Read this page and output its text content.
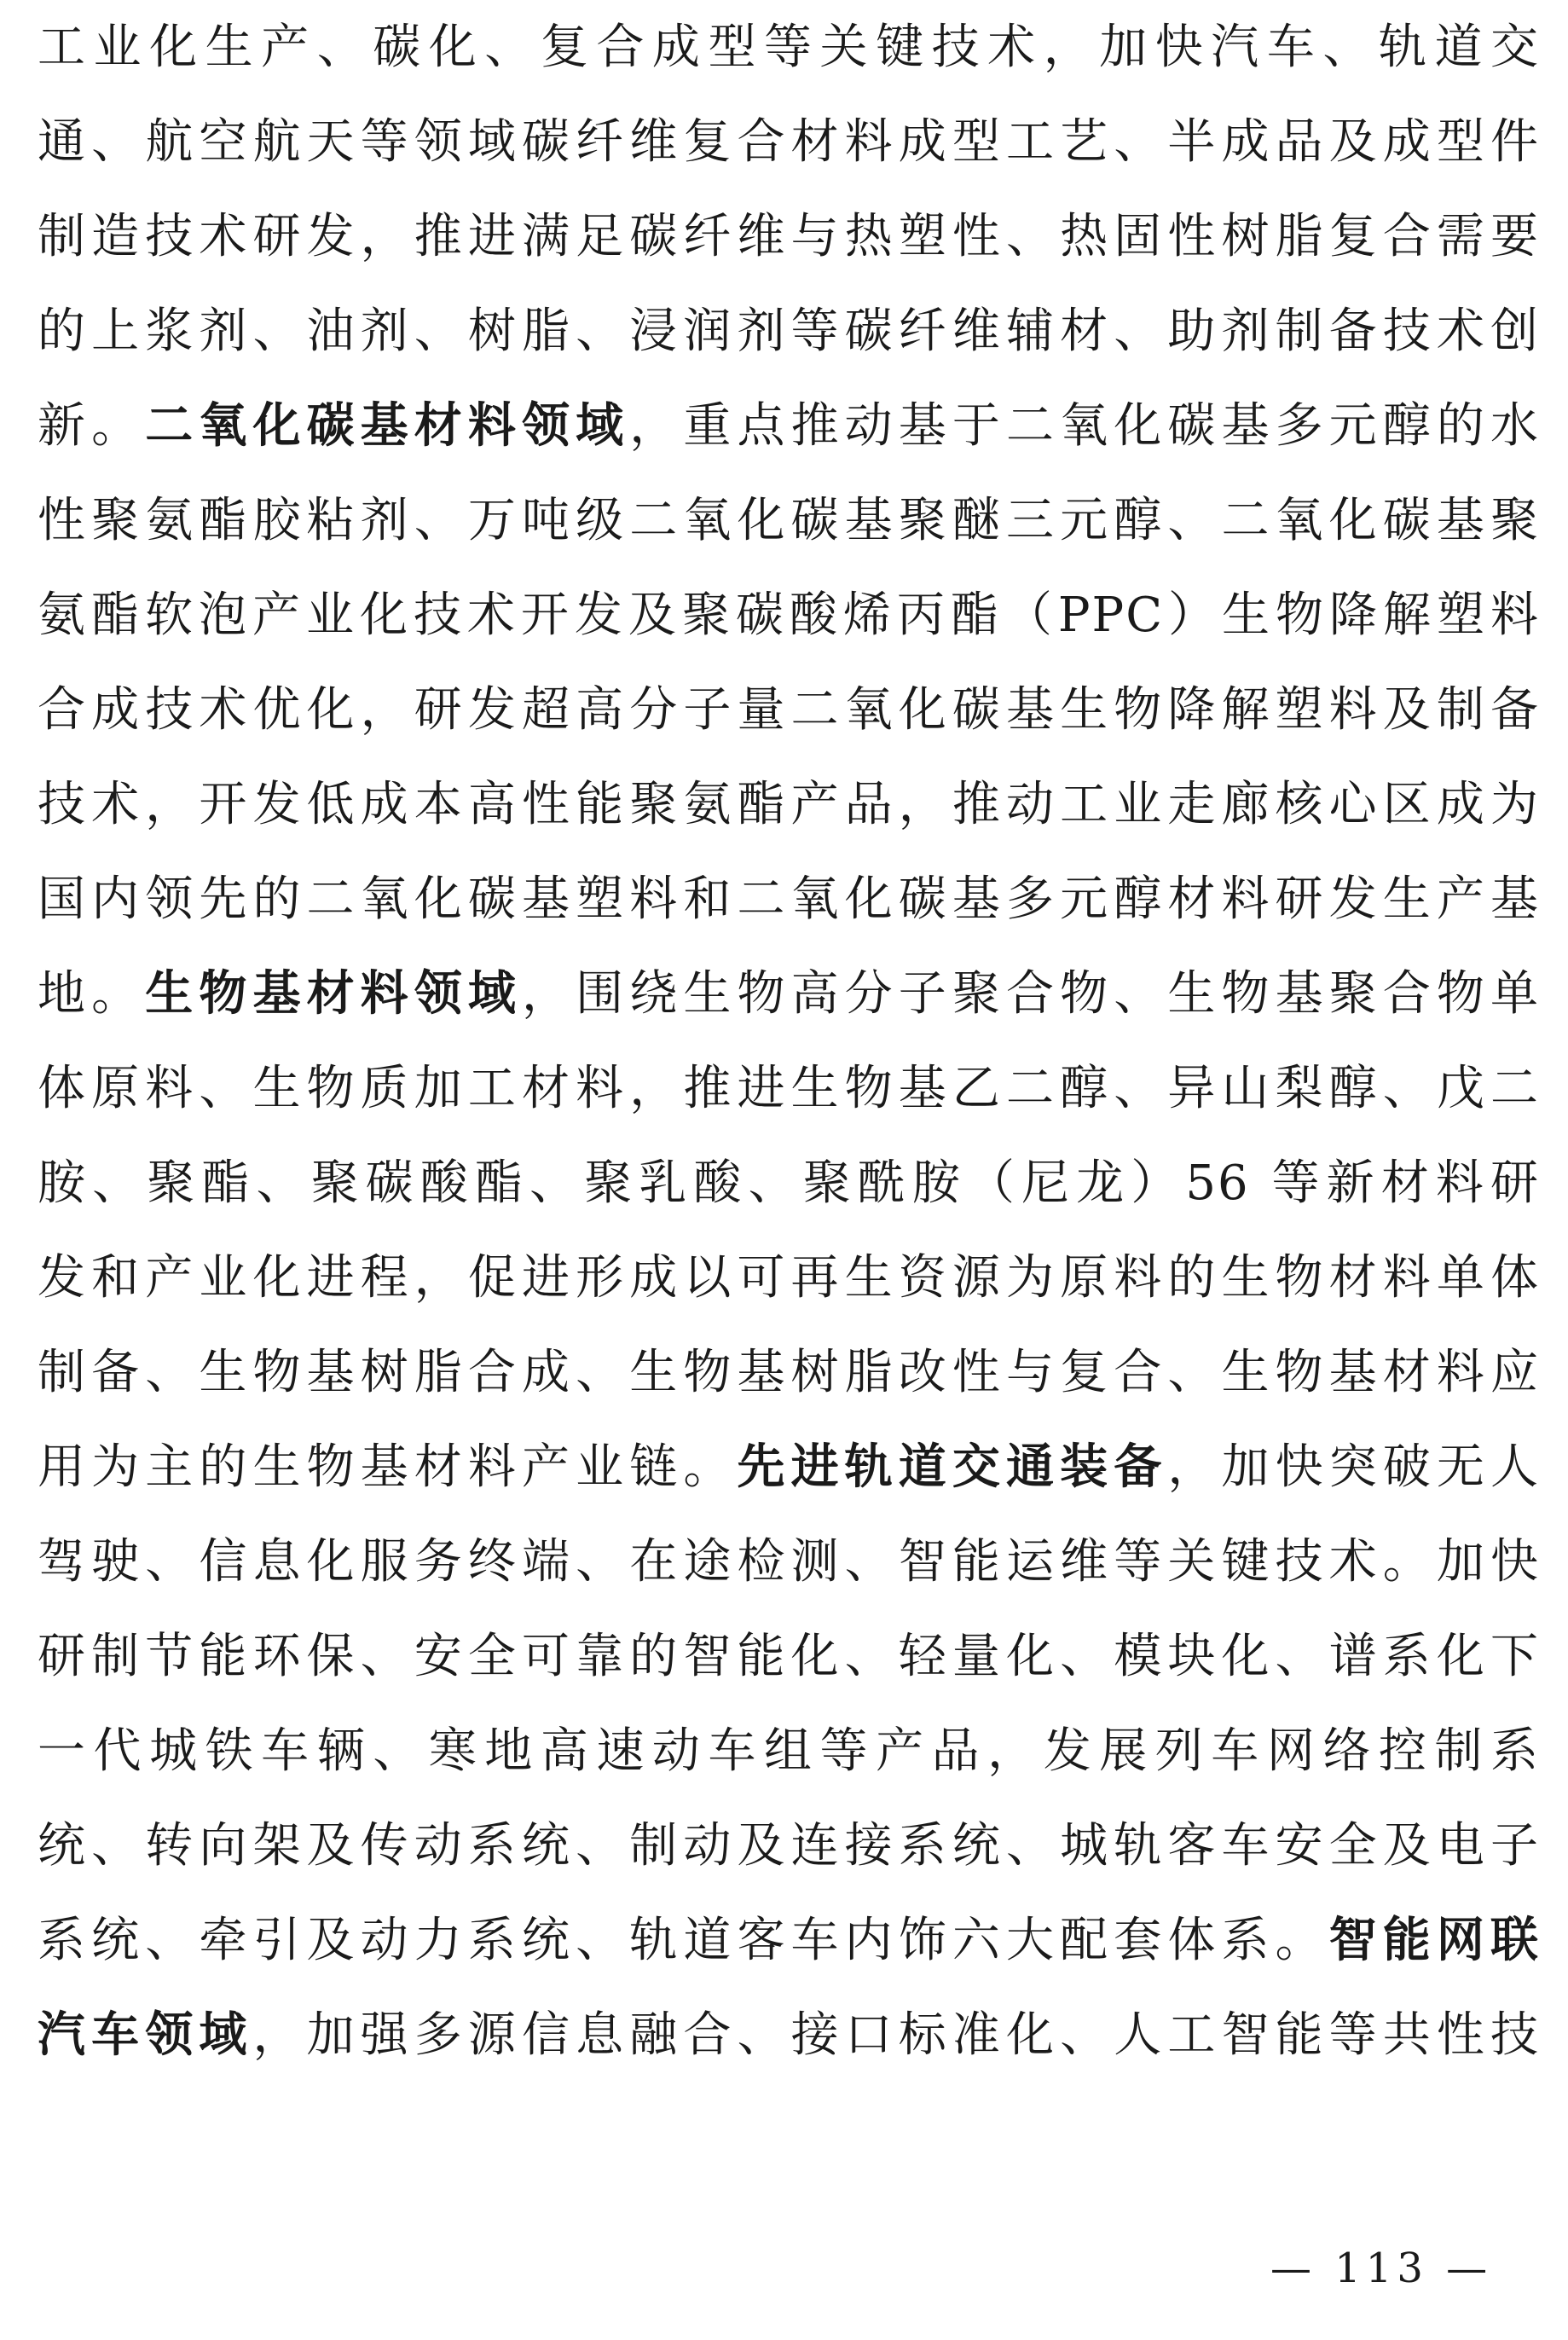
工业化生产、碳化、复合成型等关键技术，加快汽车、轨道交
通、航空航天等领域碳纤维复合材料成型工艺、半成品及成型件
制造技术研发，推进满足碳纤维与热塑性、热固性树脂复合需要
的上浆剂、油剂、树脂、浸润剂等碳纤维辅材、助剂制备技术创
新。二氧化碳基材料领域，重点推动基于二氧化碳基多元醇的水
性聚氨酯胶粘剂、万吨级二氧化碳基聚醚三元醇、二氧化碳基聚
氨酯软泡产业化技术开发及聚碳酸烯丙酯（PPC）生物降解塑料
合成技术优化，研发超高分子量二氧化碳基生物降解塑料及制备
技术，开发低成本高性能聚氨酯产品，推动工业走廊核心区成为
国内领先的二氧化碳基塑料和二氧化碳基多元醇材料研发生产基
地。生物基材料领域，围绕生物高分子聚合物、生物基聚合物单
体原料、生物质加工材料，推进生物基乙二醇、异山梨醇、戊二
胺、聚酯、聚碳酸酯、聚乳酸、聚酰胺（尼龙）56 等新材料研
发和产业化进程，促进形成以可再生资源为原料的生物材料单体
制备、生物基树脂合成、生物基树脂改性与复合、生物基材料应
用为主的生物基材料产业链。先进轨道交通装备，加快突破无人
驾驶、信息化服务终端、在途检测、智能运维等关键技术。加快
研制节能环保、安全可靠的智能化、轻量化、模块化、谱系化下
一代城铁车辆、寒地高速动车组等产品，发展列车网络控制系
统、转向架及传动系统、制动及连接系统、城轨客车安全及电子
系统、牵引及动力系统、轨道客车内饰六大配套体系。智能网联
汽车领域，加强多源信息融合、接口标准化、人工智能等共性技
— 113 —
